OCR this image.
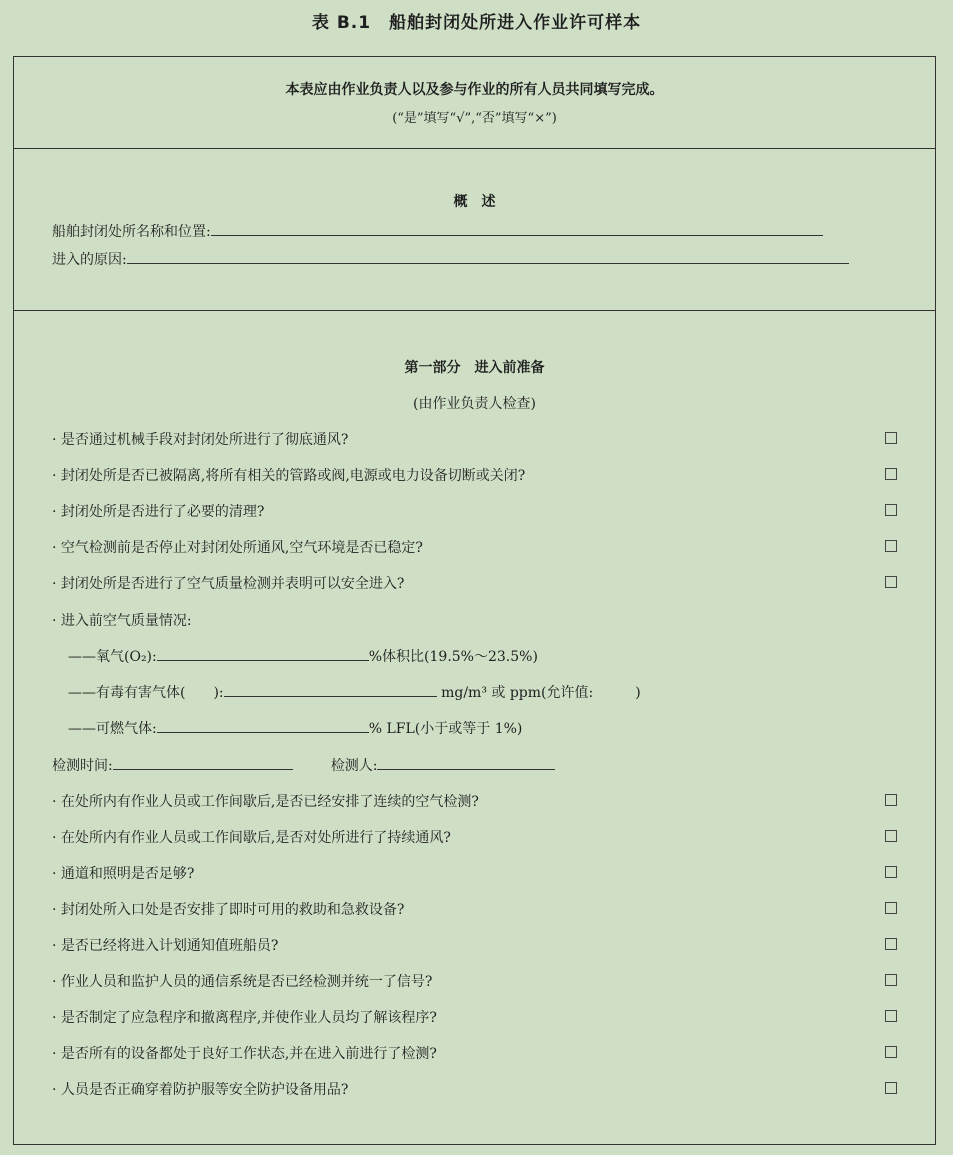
表 B.1　船舶封闭处所进入作业许可样本
本表应由作业负责人以及参与作业的所有人员共同填写完成。
(“是”填写“√”,“否”填写“×”)
概　述
船舶封闭处所名称和位置:
进入的原因:
第一部分　进入前准备
(由作业负责人检查)
· 是否通过机械手段对封闭处所进行了彻底通风?
· 封闭处所是否已被隔离,将所有相关的管路或阀,电源或电力设备切断或关闭?
· 封闭处所是否进行了必要的清理?
· 空气检测前是否停止对封闭处所通风,空气环境是否已稳定?
· 封闭处所是否进行了空气质量检测并表明可以安全进入?
· 进入前空气质量情况:
——氧气(O₂):	%体积比(19.5%～23.5%)
——有毒有害气体(　　):	mg/m³ 或 ppm(允许值:　　　)
——可燃气体:	% LFL(小于或等于 1%)
检测时间:	检测人:
· 在处所内有作业人员或工作间歇后,是否已经安排了连续的空气检测?
· 在处所内有作业人员或工作间歇后,是否对处所进行了持续通风?
· 通道和照明是否足够?
· 封闭处所入口处是否安排了即时可用的救助和急救设备?
· 是否已经将进入计划通知值班船员?
· 作业人员和监护人员的通信系统是否已经检测并统一了信号?
· 是否制定了应急程序和撤离程序,并使作业人员均了解该程序?
· 是否所有的设备都处于良好工作状态,并在进入前进行了检测?
· 人员是否正确穿着防护服等安全防护设备用品?
